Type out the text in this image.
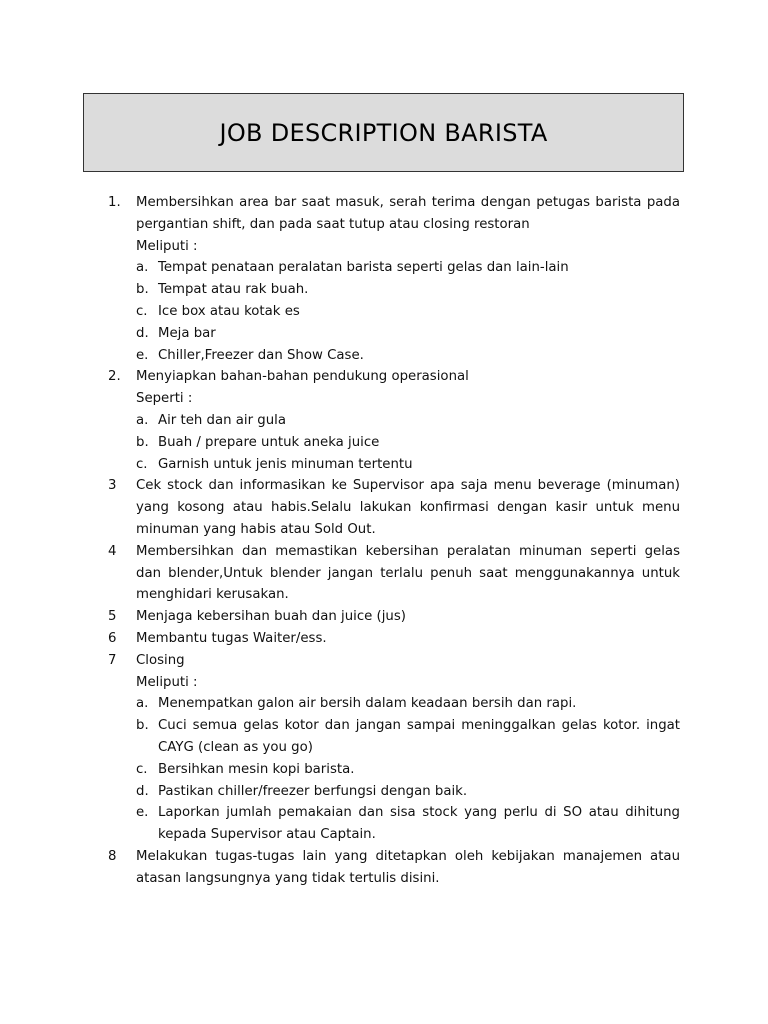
JOB DESCRIPTION BARISTA
1. Membersihkan area bar saat masuk, serah terima dengan petugas barista pada pergantian shift, dan pada saat tutup atau closing restoran
Meliputi :
a. Tempat penataan peralatan barista seperti gelas dan lain-lain
b. Tempat atau rak buah.
c. Ice box atau kotak es
d. Meja bar
e. Chiller,Freezer dan Show Case.
2. Menyiapkan bahan-bahan pendukung operasional
Seperti :
a. Air teh dan air gula
b. Buah / prepare untuk aneka juice
c. Garnish untuk jenis minuman tertentu
3 Cek stock dan informasikan ke Supervisor apa saja menu beverage (minuman) yang kosong atau habis.Selalu lakukan konfirmasi dengan kasir untuk menu minuman yang habis atau Sold Out.
4 Membersihkan dan memastikan kebersihan peralatan minuman seperti gelas dan blender,Untuk blender jangan terlalu penuh saat menggunakannya untuk menghidari kerusakan.
5 Menjaga kebersihan buah dan juice (jus)
6 Membantu tugas Waiter/ess.
7 Closing
Meliputi :
a. Menempatkan galon air bersih dalam keadaan bersih dan rapi.
b. Cuci semua gelas kotor dan jangan sampai meninggalkan gelas kotor. ingat CAYG (clean as you go)
c. Bersihkan mesin kopi barista.
d. Pastikan chiller/freezer berfungsi dengan baik.
e. Laporkan jumlah pemakaian dan sisa stock yang perlu di SO atau dihitung kepada Supervisor atau Captain.
8 Melakukan tugas-tugas lain yang ditetapkan oleh kebijakan manajemen atau atasan langsungnya yang tidak tertulis disini.
